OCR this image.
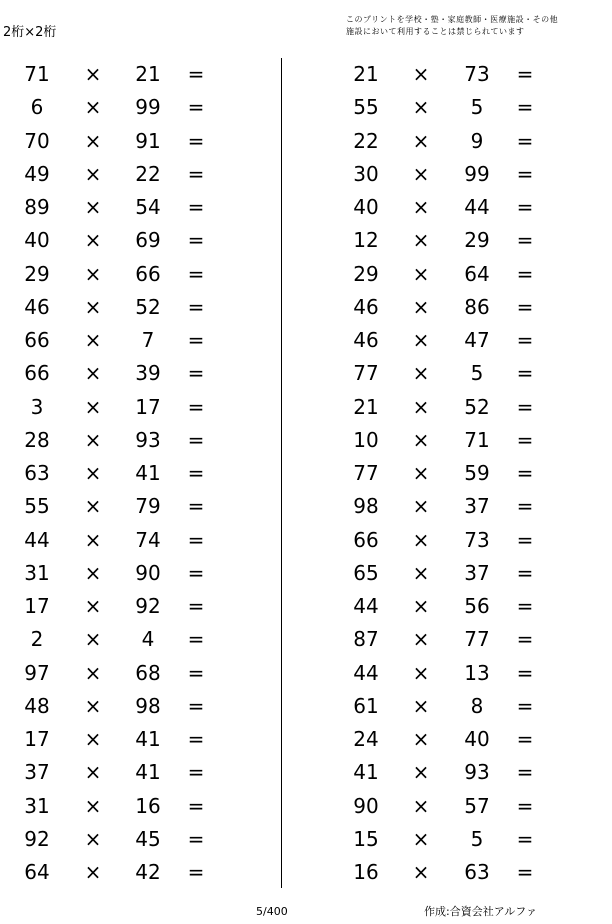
2桁×2桁
このプリントを学校・塾・家庭教師・医療施設・その他
施設において利用することは禁じられています
71	×	21	=
6	×	99	=
70	×	91	=
49	×	22	=
89	×	54	=
40	×	69	=
29	×	66	=
46	×	52	=
66	×	7	=
66	×	39	=
3	×	17	=
28	×	93	=
63	×	41	=
55	×	79	=
44	×	74	=
31	×	90	=
17	×	92	=
2	×	4	=
97	×	68	=
48	×	98	=
17	×	41	=
37	×	41	=
31	×	16	=
92	×	45	=
64	×	42	=
21	×	73	=
55	×	5	=
22	×	9	=
30	×	99	=
40	×	44	=
12	×	29	=
29	×	64	=
46	×	86	=
46	×	47	=
77	×	5	=
21	×	52	=
10	×	71	=
77	×	59	=
98	×	37	=
66	×	73	=
65	×	37	=
44	×	56	=
87	×	77	=
44	×	13	=
61	×	8	=
24	×	40	=
41	×	93	=
90	×	57	=
15	×	5	=
16	×	63	=
5/400	作成:合資会社アルファ
